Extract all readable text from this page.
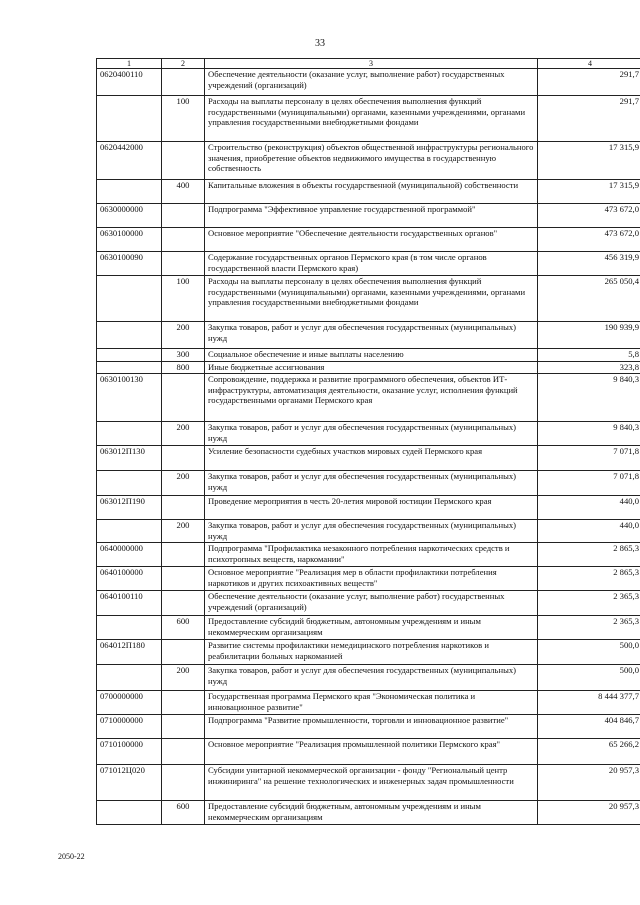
33
1	2	3	4
0620400110		Обеспечение деятельности (оказание услуг, выполнение работ) государственных учреждений (организаций)	291,7
	100	Расходы на выплаты персоналу в целях обеспечения выполнения функций государственными (муниципальными) органами, казенными учреждениями, органами управления государственными внебюджетными фондами	291,7
0620442000		Строительство (реконструкция) объектов общественной инфраструктуры регионального значения, приобретение объектов недвижимого имущества в государственную собственность	17 315,9
	400	Капитальные вложения в объекты государственной (муниципальной) собственности	17 315,9
0630000000		Подпрограмма "Эффективное управление государственной программой"	473 672,0
0630100000		Основное мероприятие "Обеспечение деятельности государственных органов"	473 672,0
0630100090		Содержание государственных органов Пермского края (в том числе органов государственной власти Пермского края)	456 319,9
	100	Расходы на выплаты персоналу в целях обеспечения выполнения функций государственными (муниципальными) органами, казенными учреждениями, органами управления государственными внебюджетными фондами	265 050,4
	200	Закупка товаров, работ и услуг для обеспечения государственных (муниципальных) нужд	190 939,9
	300	Социальное обеспечение и иные выплаты населению	5,8
	800	Иные бюджетные ассигнования	323,8
0630100130		Сопровождение, поддержка и развитие программного обеспечения, объектов ИТ-инфраструктуры, автоматизация деятельности, оказание услуг, исполнения функций государственными органами Пермского края	9 840,3
	200	Закупка товаров, работ и услуг для обеспечения государственных (муниципальных) нужд	9 840,3
063012П130		Усиление безопасности судебных участков мировых судей Пермского края	7 071,8
	200	Закупка товаров, работ и услуг для обеспечения государственных (муниципальных) нужд	7 071,8
063012П190		Проведение мероприятия в честь 20-летия мировой юстиции Пермского края	440,0
	200	Закупка товаров, работ и услуг для обеспечения государственных (муниципальных) нужд	440,0
0640000000		Подпрограмма "Профилактика незаконного потребления наркотических средств и психотропных веществ, наркомании"	2 865,3
0640100000		Основное мероприятие "Реализация мер в области профилактики потребления наркотиков и других психоактивных веществ"	2 865,3
0640100110		Обеспечение деятельности (оказание услуг, выполнение работ) государственных учреждений (организаций)	2 365,3
	600	Предоставление субсидий бюджетным, автономным учреждениям и иным некоммерческим организациям	2 365,3
064012П180		Развитие системы профилактики немедицинского потребления наркотиков и реабилитации больных наркоманией	500,0
	200	Закупка товаров, работ и услуг для обеспечения государственных (муниципальных) нужд	500,0
0700000000		Государственная программа Пермского края "Экономическая политика и инновационное развитие"	8 444 377,7
0710000000		Подпрограмма "Развитие промышленности, торговли и инновационное развитие"	404 846,7
0710100000		Основное мероприятие "Реализация промышленной политики Пермского края"	65 266,2
071012Ц020		Субсидии унитарной некоммерческой организации - фонду "Региональный центр инжиниринга" на решение технологических и инженерных задач промышленности	20 957,3
	600	Предоставление субсидий бюджетным, автономным учреждениям и иным некоммерческим организациям	20 957,3
2050-22
